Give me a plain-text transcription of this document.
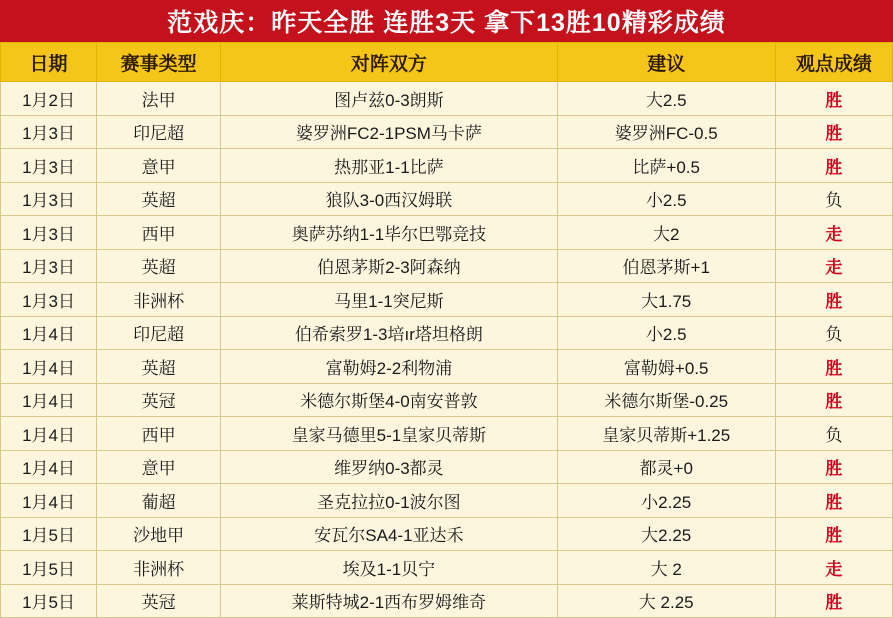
范戏庆：昨天全胜 连胜3天 拿下13胜10精彩成绩
日期	赛事类型	对阵双方	建议	观点成绩
1月2日	法甲	图卢兹0-3朗斯	大2.5	胜
1月3日	印尼超	婆罗洲FC2-1PSM马卡萨	婆罗洲FC-0.5	胜
1月3日	意甲	热那亚1-1比萨	比萨+0.5	胜
1月3日	英超	狼队3-0西汉姆联	小2.5	负
1月3日	西甲	奥萨苏纳1-1毕尔巴鄂竞技	大2	走
1月3日	英超	伯恩茅斯2-3阿森纳	伯恩茅斯+1	走
1月3日	非洲杯	马里1-1突尼斯	大1.75	胜
1月4日	印尼超	伯希索罗1-3培ır塔坦格朗	小2.5	负
1月4日	英超	富勒姆2-2利物浦	富勒姆+0.5	胜
1月4日	英冠	米德尔斯堡4-0南安普敦	米德尔斯堡-0.25	胜
1月4日	西甲	皇家马德里5-1皇家贝蒂斯	皇家贝蒂斯+1.25	负
1月4日	意甲	维罗纳0-3都灵	都灵+0	胜
1月4日	葡超	圣克拉拉0-1波尔图	小2.25	胜
1月5日	沙地甲	安瓦尔SA4-1亚达禾	大2.25	胜
1月5日	非洲杯	埃及1-1贝宁	大 2	走
1月5日	英冠	莱斯特城2-1西布罗姆维奇	大 2.25	胜
